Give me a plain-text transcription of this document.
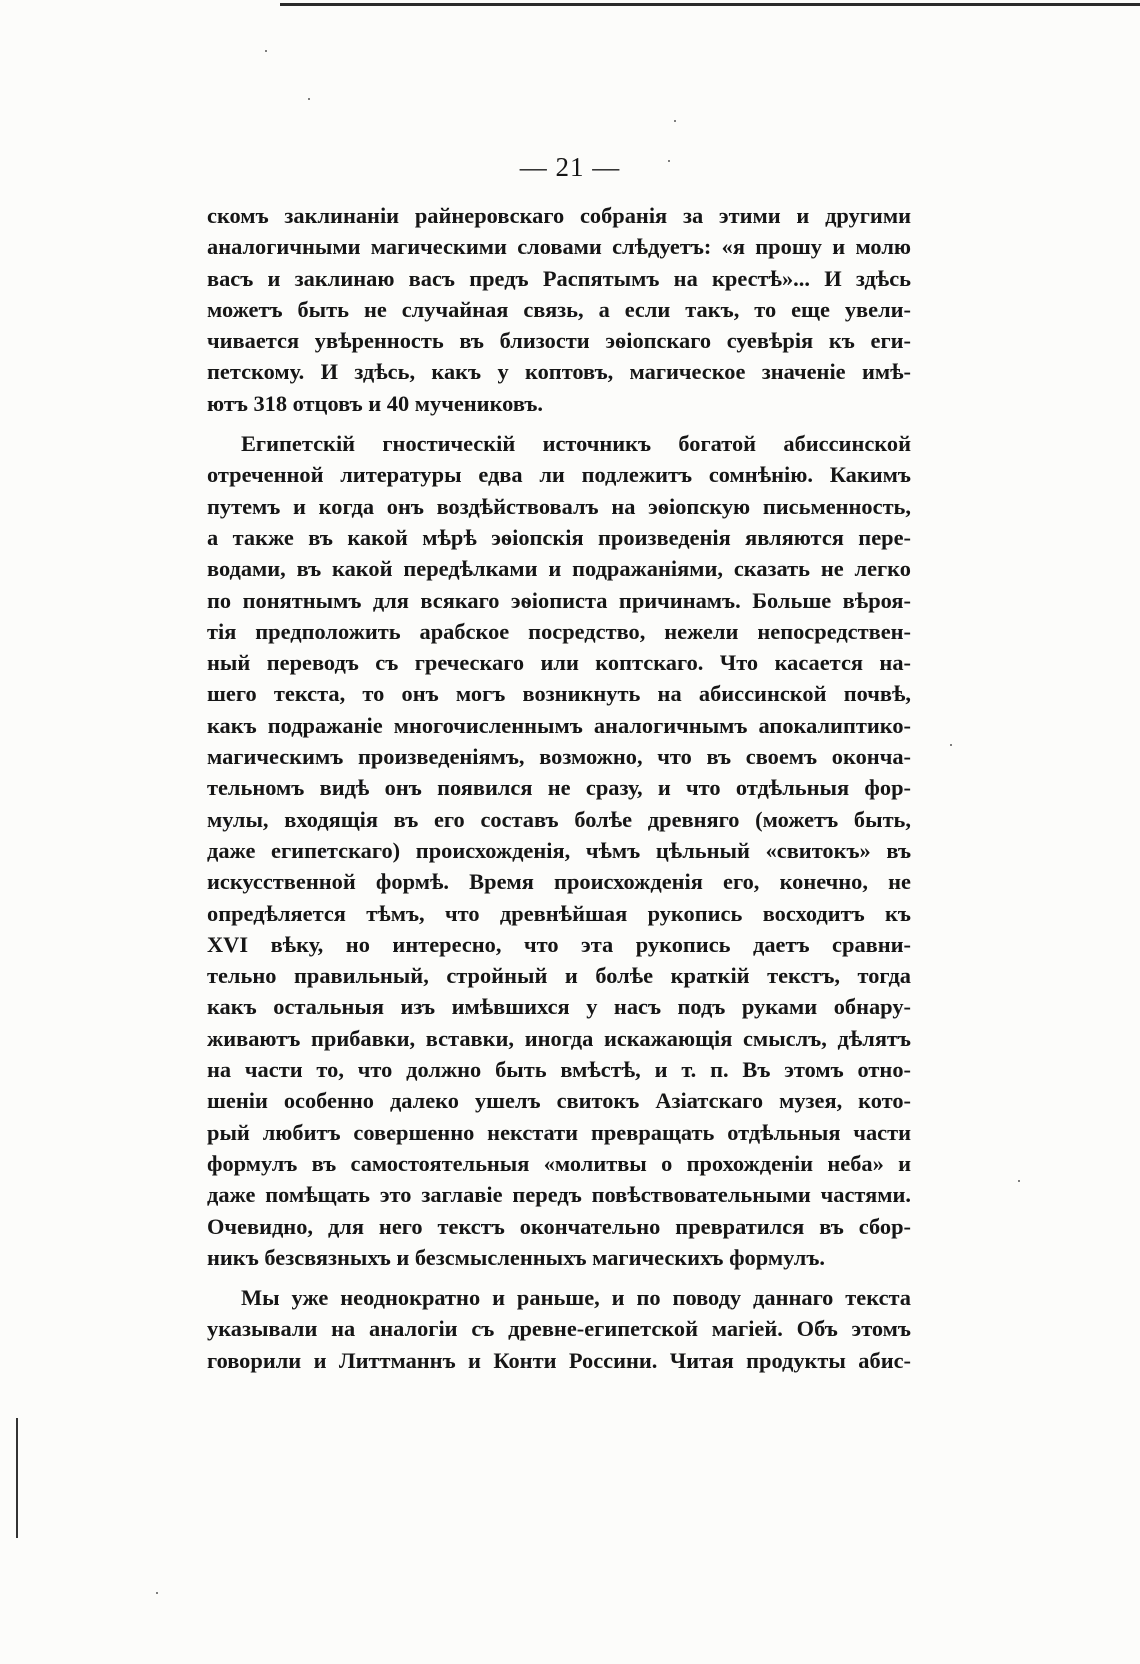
— 21 —
скомъ заклинаніи райнеровскаго собранія за этими и другими
аналогичными магическими словами слѣдуетъ: «я прошу и молю
васъ и заклинаю васъ предъ Распятымъ на крестѣ»... И здѣсь
можетъ быть не случайная связь, а если такъ, то еще увели-
чивается увѣренность въ близости эѳіопскаго суевѣрія къ еги-
петскому. И здѣсь, какъ у коптовъ, магическое значеніе имѣ-
ютъ 318 отцовъ и 40 мучениковъ.
Египетскій гностическій источникъ богатой абиссинской
отреченной литературы едва ли подлежитъ сомнѣнію. Какимъ
путемъ и когда онъ воздѣйствовалъ на эѳіопскую письменность,
а также въ какой мѣрѣ эѳіопскія произведенія являются пере-
водами, въ какой передѣлками и подражаніями, сказать не легко
по понятнымъ для всякаго эѳіописта причинамъ. Больше вѣроя-
тія предположить арабское посредство, нежели непосредствен-
ный переводъ съ греческаго или коптскаго. Что касается на-
шего текста, то онъ могъ возникнуть на абиссинской почвѣ,
какъ подражаніе многочисленнымъ аналогичнымъ апокалиптико-
магическимъ произведеніямъ, возможно, что въ своемъ оконча-
тельномъ видѣ онъ появился не сразу, и что отдѣльныя фор-
мулы, входящія въ его составъ болѣе древняго (можетъ быть,
даже египетскаго) происхожденія, чѣмъ цѣльный «свитокъ» въ
искусственной формѣ. Время происхожденія его, конечно, не
опредѣляется тѣмъ, что древнѣйшая рукопись восходитъ къ
XVI вѣку, но интересно, что эта рукопись даетъ сравни-
тельно правильный, стройный и болѣе краткій текстъ, тогда
какъ остальныя изъ имѣвшихся у насъ подъ руками обнару-
живаютъ прибавки, вставки, иногда искажающія смыслъ, дѣлятъ
на части то, что должно быть вмѣстѣ, и т. п. Въ этомъ отно-
шеніи особенно далеко ушелъ свитокъ Азіатскаго музея, кото-
рый любитъ совершенно некстати превращать отдѣльныя части
формулъ въ самостоятельныя «молитвы о прохожденіи неба» и
даже помѣщать это заглавіе передъ повѣствовательными частями.
Очевидно, для него текстъ окончательно превратился въ сбор-
никъ безсвязныхъ и безсмысленныхъ магическихъ формулъ.
Мы уже неоднократно и раньше, и по поводу даннаго текста
указывали на аналогіи съ древне-египетской магіей. Объ этомъ
говорили и Литтманнъ и Конти Россини. Читая продукты абис-
